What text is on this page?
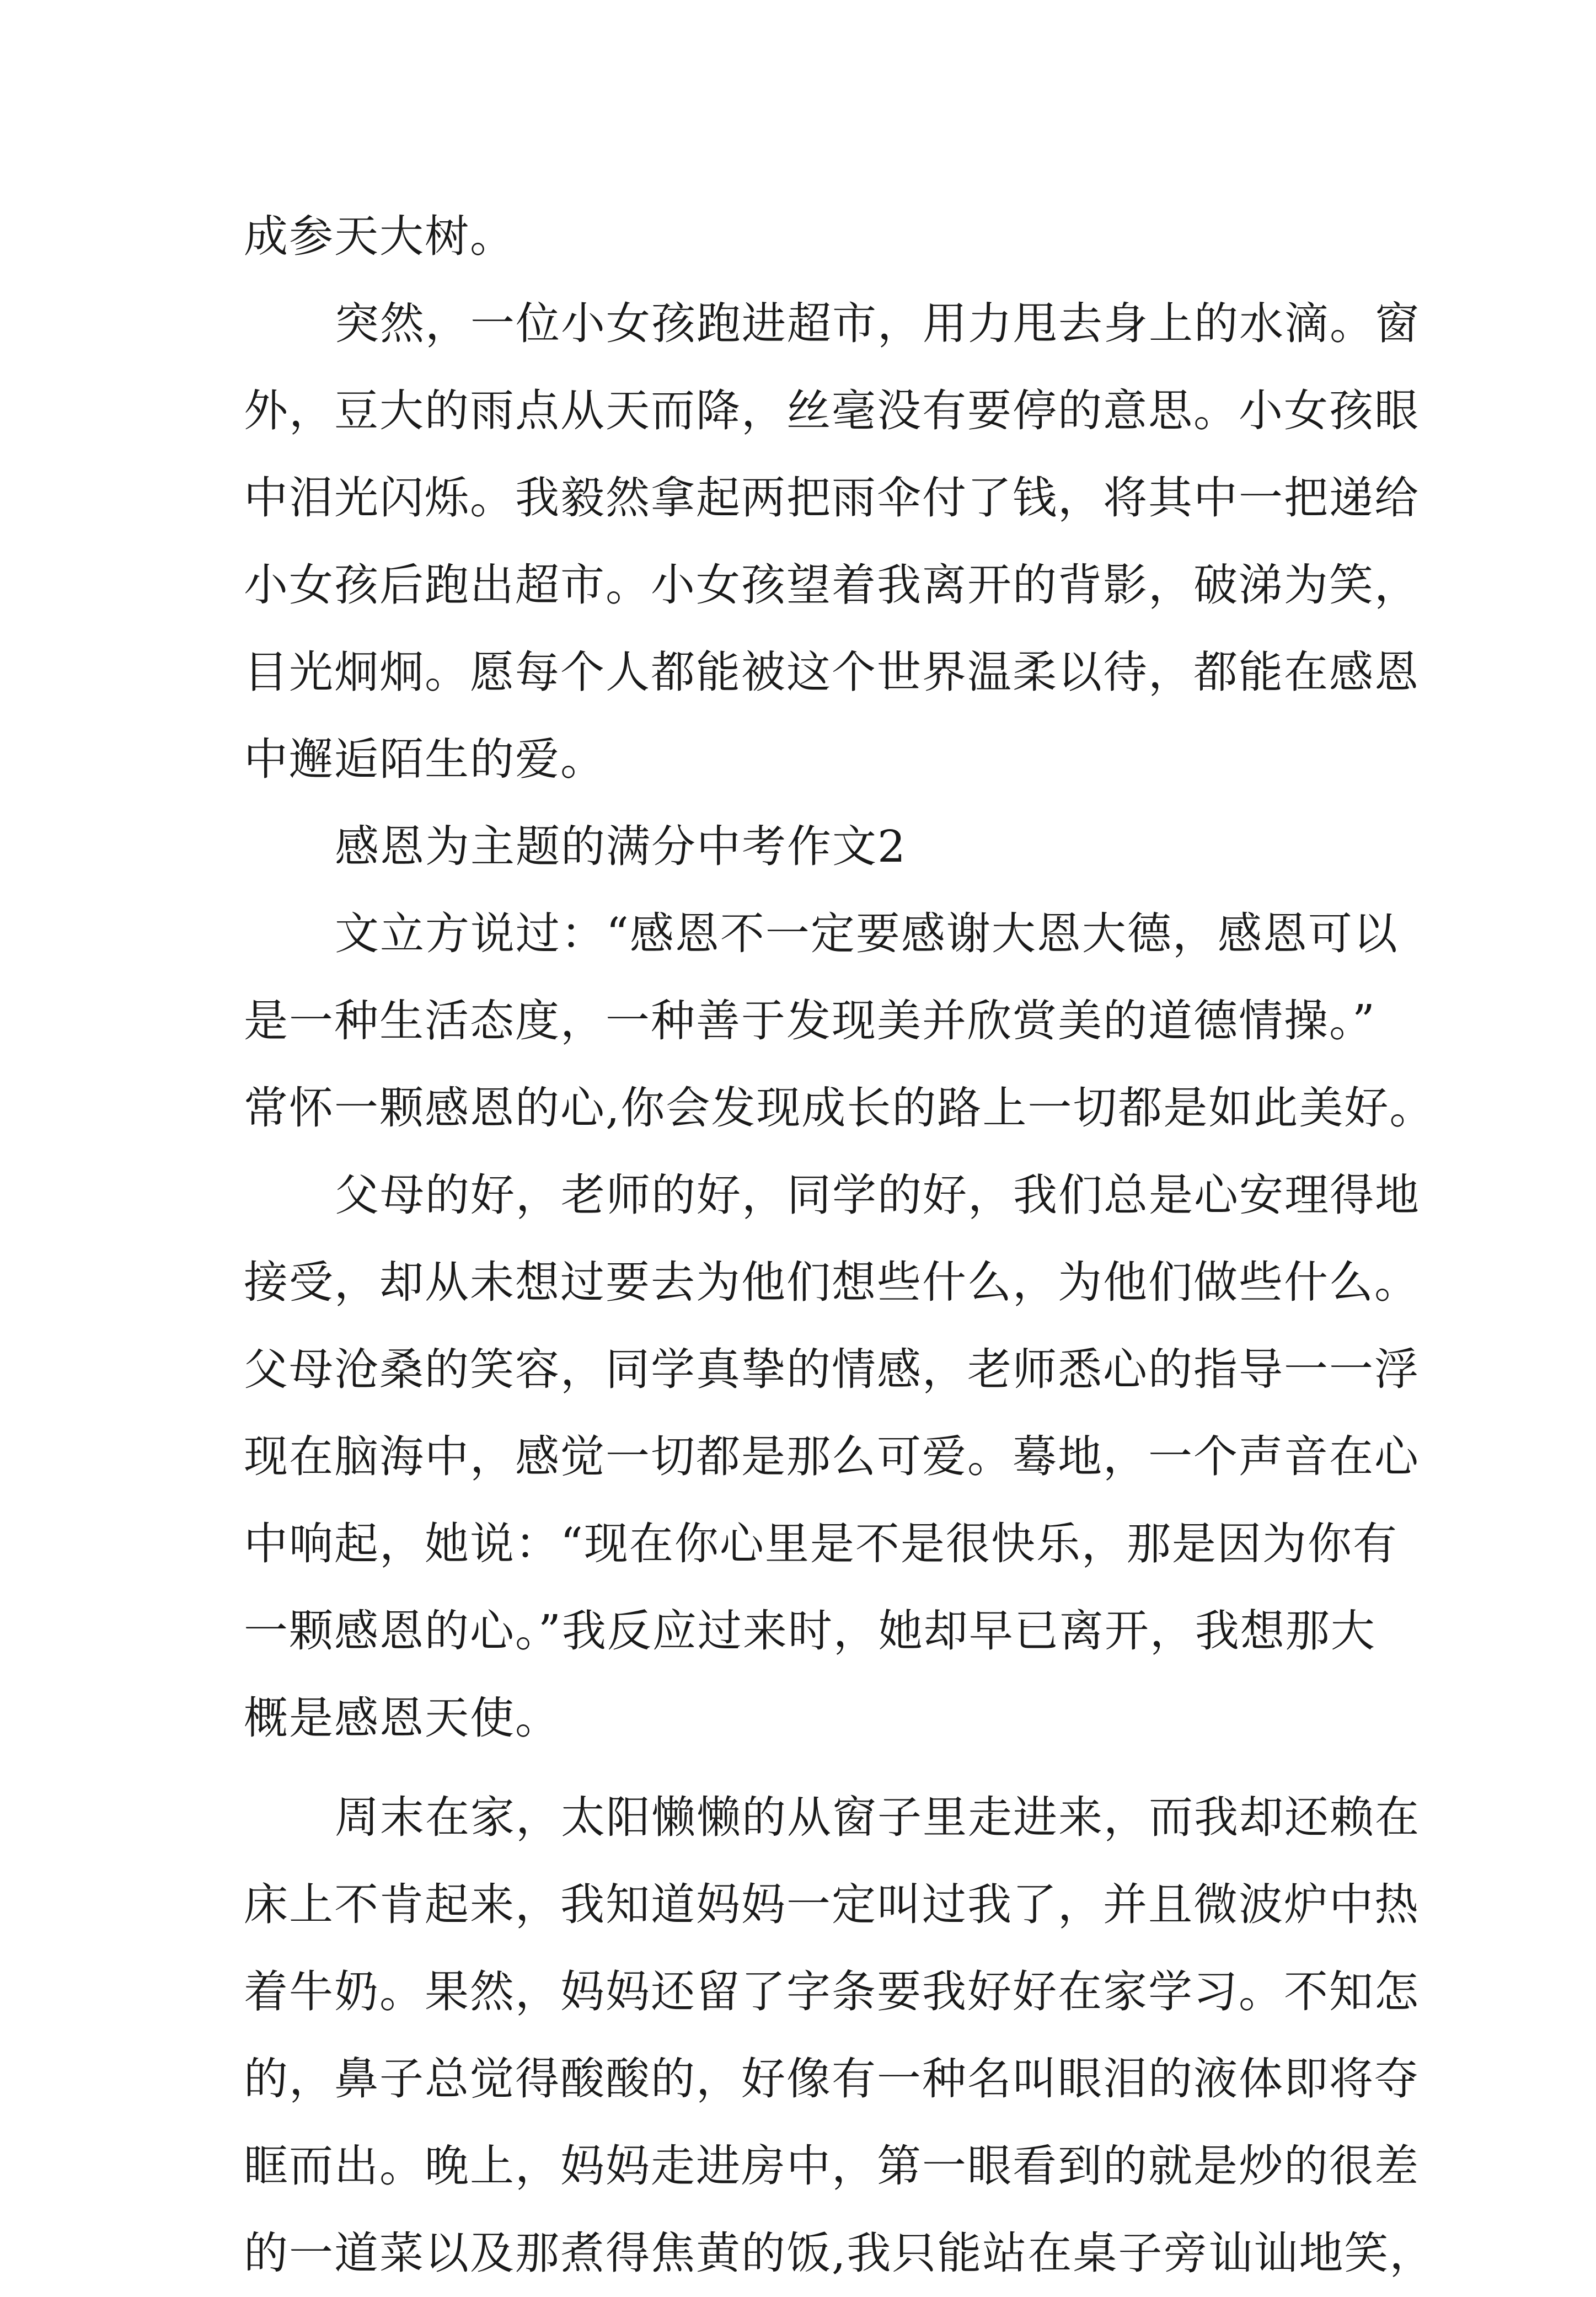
成参天大树。
突然，一位小女孩跑进超市，用力甩去身上的水滴。窗
外，豆大的雨点从天而降，丝毫没有要停的意思。小女孩眼
中泪光闪烁。我毅然拿起两把雨伞付了钱，将其中一把递给
小女孩后跑出超市。小女孩望着我离开的背影，破涕为笑，
目光炯炯。愿每个人都能被这个世界温柔以待，都能在感恩
中邂逅陌生的爱。
感恩为主题的满分中考作文2
文立方说过：“感恩不一定要感谢大恩大德，感恩可以
是一种生活态度，一种善于发现美并欣赏美的道德情操。”
常怀一颗感恩的心,你会发现成长的路上一切都是如此美好。
父母的好，老师的好，同学的好，我们总是心安理得地
接受，却从未想过要去为他们想些什么，为他们做些什么。
父母沧桑的笑容，同学真挚的情感，老师悉心的指导一一浮
现在脑海中，感觉一切都是那么可爱。蓦地，一个声音在心
中响起，她说：“现在你心里是不是很快乐，那是因为你有
一颗感恩的心。”我反应过来时，她却早已离开，我想那大
概是感恩天使。
周末在家，太阳懒懒的从窗子里走进来，而我却还赖在
床上不肯起来，我知道妈妈一定叫过我了，并且微波炉中热
着牛奶。果然，妈妈还留了字条要我好好在家学习。不知怎
的，鼻子总觉得酸酸的，好像有一种名叫眼泪的液体即将夺
眶而出。晚上，妈妈走进房中，第一眼看到的就是炒的很差
的一道菜以及那煮得焦黄的饭,我只能站在桌子旁讪讪地笑，
